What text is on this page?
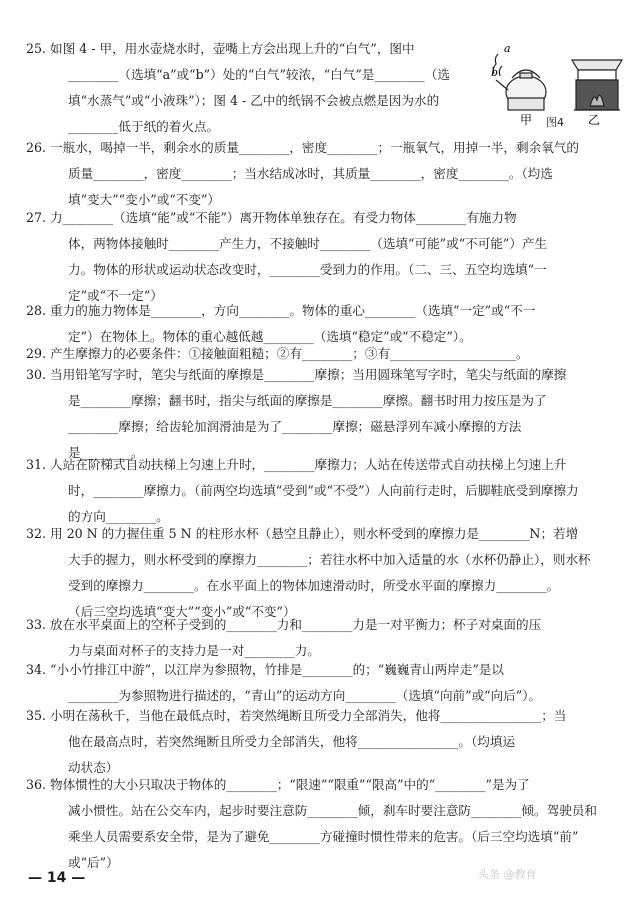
a
b
甲	乙
图4
25. 如图 4 - 甲，用水壶烧水时，壶嘴上方会出现上升的“白气”，图中
________（选填“a”或“b”）处的“白气”较浓，“白气”是________（选
填“水蒸气”或“小液珠”）；图 4 - 乙中的纸锅不会被点燃是因为水的
________低于纸的着火点。
26. 一瓶水，喝掉一半，剩余水的质量________，密度________；一瓶氧气，用掉一半，剩余氧气的
质量________，密度________；当水结成冰时，其质量________，密度________。（均选
填“变大”“变小”或“不变”）
27. 力________（选填“能”或“不能”）离开物体单独存在。有受力物体________有施力物
体，两物体接触时________产生力，不接触时________（选填“可能”或“不可能”）产生
力。物体的形状或运动状态改变时，________受到力的作用。（二、三、五空均选填“一
定”或“不一定”）
28. 重力的施力物体是________，方向________。物体的重心________（选填“一定”或“不一
定”）在物体上。物体的重心越低越________（选填“稳定”或“不稳定”）。
29. 产生摩擦力的必要条件：①接触面粗糙；②有________；③有____________________。
30. 当用铅笔写字时，笔尖与纸面的摩擦是________摩擦；当用圆珠笔写字时，笔尖与纸面的摩擦
是________摩擦；翻书时，指尖与纸面的摩擦是________摩擦。翻书时用力按压是为了
________摩擦；给齿轮加润滑油是为了________摩擦；磁悬浮列车减小摩擦的方法
是________。
31. 人站在阶梯式自动扶梯上匀速上升时，________摩擦力；人站在传送带式自动扶梯上匀速上升
时，________摩擦力。（前两空均选填“受到”或“不受”）人向前行走时，后脚鞋底受到摩擦力
的方向________。
32. 用 20 N 的力握住重 5 N 的柱形水杯（悬空且静止），则水杯受到的摩擦力是________N；若增
大手的握力，则水杯受到的摩擦力________；若往水杯中加入适量的水（水杯仍静止），则水杯
受到的摩擦力________。在水平面上的物体加速滑动时，所受水平面的摩擦力________。
（后三空均选填“变大”“变小”或“不变”）
33. 放在水平桌面上的空杯子受到的________力和________力是一对平衡力；杯子对桌面的压
力与桌面对杯子的支持力是一对________力。
34. “小小竹排江中游”，以江岸为参照物，竹排是________的；“巍巍青山两岸走”是以
________为参照物进行描述的，“青山”的运动方向________（选填“向前”或“向后”）。
35. 小明在荡秋千，当他在最低点时，若突然绳断且所受力全部消失，他将________________；当
他在最高点时，若突然绳断且所受力全部消失，他将________________。（均填运
动状态）
36. 物体惯性的大小只取决于物体的________；“限速”“限重”“限高”中的“________”是为了
减小惯性。站在公交车内，起步时要注意防________倾，刹车时要注意防________倾。驾驶员和
乘坐人员需要系安全带，是为了避免________方碰撞时惯性带来的危害。（后三空均选填“前”
或“后”）
— 14 —	头条 @教育
